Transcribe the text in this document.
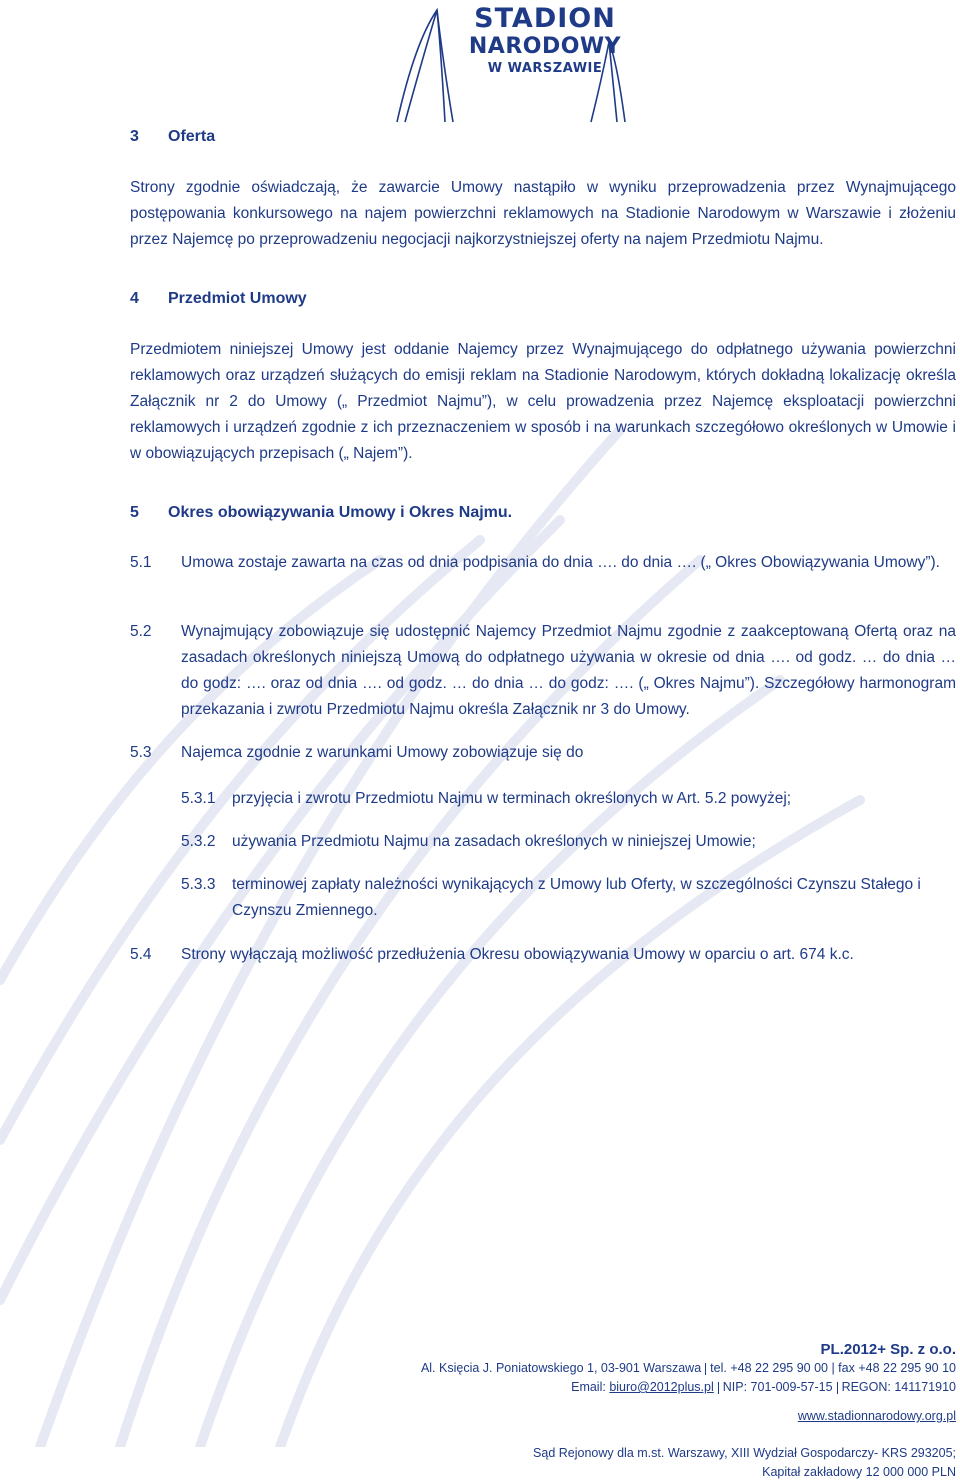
STADION
NARODOWY
W WARSZAWIE
3 Oferta
Strony zgodnie oświadczają, że zawarcie Umowy nastąpiło w wyniku przeprowadzenia przez Wynajmującego postępowania konkursowego na najem powierzchni reklamowych na Stadionie Narodowym w Warszawie i złożeniu przez Najemcę po przeprowadzeniu negocjacji najkorzystniejszej oferty na najem Przedmiotu Najmu.
4 Przedmiot Umowy
Przedmiotem niniejszej Umowy jest oddanie Najemcy przez Wynajmującego do odpłatnego używania powierzchni reklamowych oraz urządzeń służących do emisji reklam na Stadionie Narodowym, których dokładną lokalizację określa Załącznik nr 2 do Umowy („ Przedmiot Najmu”), w celu prowadzenia przez Najemcę eksploatacji powierzchni reklamowych i urządzeń zgodnie z ich przeznaczeniem w sposób i na warunkach szczegółowo określonych w Umowie i w obowiązujących przepisach („ Najem”).
5 Okres obowiązywania Umowy i Okres Najmu.
5.1 Umowa zostaje zawarta na czas od dnia podpisania do dnia …. do dnia …. („ Okres Obowiązywania Umowy”).
5.2 Wynajmujący zobowiązuje się udostępnić Najemcy Przedmiot Najmu zgodnie z zaakceptowaną Ofertą oraz na zasadach określonych niniejszą Umową do odpłatnego używania w okresie od dnia …. od godz. … do dnia … do godz: …. oraz od dnia …. od godz. … do dnia … do godz: …. („ Okres Najmu”). Szczegółowy harmonogram przekazania i zwrotu Przedmiotu Najmu określa Załącznik nr 3 do Umowy.
5.3 Najemca zgodnie z warunkami Umowy zobowiązuje się do
5.3.1 przyjęcia i zwrotu Przedmiotu Najmu w terminach określonych w Art. 5.2 powyżej;
5.3.2 używania Przedmiotu Najmu na zasadach określonych w niniejszej Umowie;
5.3.3 terminowej zapłaty należności wynikających z Umowy lub Oferty, w szczególności Czynszu Stałego i Czynszu Zmiennego.
5.4 Strony wyłączają możliwość przedłużenia Okresu obowiązywania Umowy w oparciu o art. 674 k.c.
PL.2012+ Sp. z o.o.
Al. Księcia J. Poniatowskiego 1, 03-901 Warszawa tel. +48 22 295 90 00 | fax +48 22 295 90 10
Email: biuro@2012plus.pl NIP: 701-009-57-15 REGON: 141171910
www.stadionnarodowy.org.pl
Sąd Rejonowy dla m.st. Warszawy, XIII Wydział Gospodarczy- KRS 293205;
Kapitał zakładowy 12 000 000 PLN
